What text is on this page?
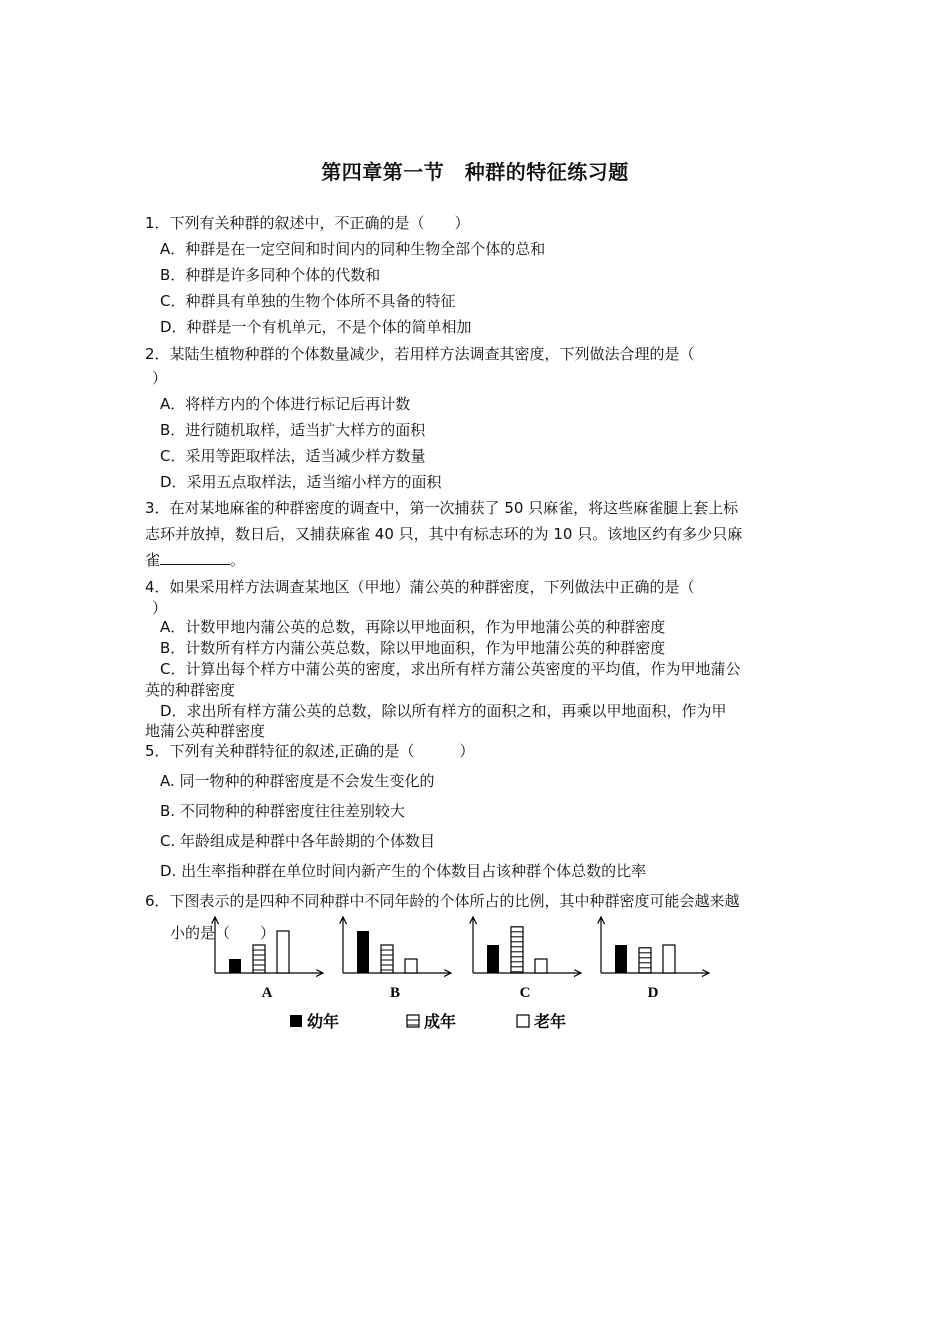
第四章第一节　种群的特征练习题
1．下列有关种群的叙述中，不正确的是（　　）
A．种群是在一定空间和时间内的同种生物全部个体的总和
B．种群是许多同种个体的代数和
C．种群具有单独的生物个体所不具备的特征
D．种群是一个有机单元，不是个体的简单相加
2．某陆生植物种群的个体数量减少，若用样方法调查其密度，下列做法合理的是（
）
A．将样方内的个体进行标记后再计数
B．进行随机取样，适当扩大样方的面积
C．采用等距取样法，适当减少样方数量
D．采用五点取样法，适当缩小样方的面积
3．在对某地麻雀的种群密度的调查中，第一次捕获了 50 只麻雀，将这些麻雀腿上套上标
志环并放掉，数日后，又捕获麻雀 40 只，其中有标志环的为 10 只。该地区约有多少只麻
雀	。
4．如果采用样方法调查某地区（甲地）蒲公英的种群密度，下列做法中正确的是（
）
A．计数甲地内蒲公英的总数，再除以甲地面积，作为甲地蒲公英的种群密度
B．计数所有样方内蒲公英总数，除以甲地面积，作为甲地蒲公英的种群密度
C．计算出每个样方中蒲公英的密度，求出所有样方蒲公英密度的平均值，作为甲地蒲公
英的种群密度
D．求出所有样方蒲公英的总数，除以所有样方的面积之和，再乘以甲地面积，作为甲
地蒲公英种群密度
5．下列有关种群特征的叙述,正确的是（　　　）
A. 同一物种的种群密度是不会发生变化的
B. 不同物种的种群密度往往差别较大
C. 年龄组成是种群中各年龄期的个体数目
D. 出生率指种群在单位时间内新产生的个体数目占该种群个体总数的比率
6．下图表示的是四种不同种群中不同年龄的个体所占的比例，其中种群密度可能会越来越
小的是（　　）
A	B	C	D
幼年	成年	老年
